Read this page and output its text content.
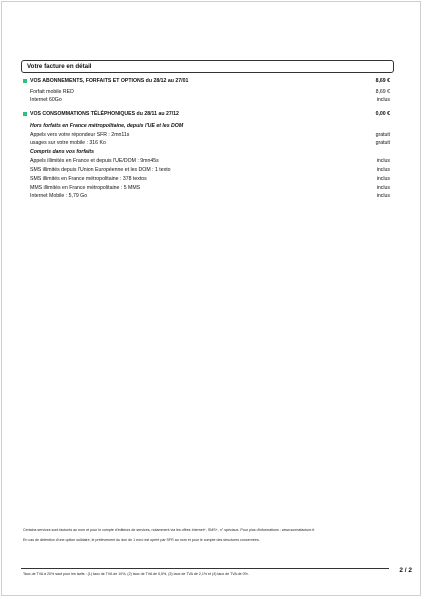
Votre facture en détail
VOS ABONNEMENTS, FORFAITS ET OPTIONS du 28/12 au 27/01	8,69 €
Forfait mobile RED	8,69 €
Internet 60Go	inclus
VOS CONSOMMATIONS TÉLÉPHONIQUES du 28/11 au 27/12	0,00 €
Hors forfaits en France métropolitaine, depuis l'UE et les DOM
Appels vers votre répondeur SFR : 2mn11s	gratuit
usages sur votre mobile : 316 Ko	gratuit
Compris dans vos forfaits
Appels illimités en France et depuis l'UE/DOM : 9mn45s	inclus
SMS illimités depuis l'Union Européenne et les DOM : 1 texto	inclus
SMS illimités en France métropolitaine : 378 textos	inclus
MMS illimités en France métropolitaine : 5 MMS	inclus
Internet Mobile : 5,79 Go	inclus
Certains services sont facturés au nom et pour le compte d'éditeurs de services, notamment via les offres Internet+, SMS+, n° spéciaux. Pour plus d'informations : www.surmafacture.fr
En cas de détention d'une option solidaire, le prélèvement du don de 1 euro est opéré par SFR au nom et pour le compte des structures concernées.
Taux de TVA à 20% sauf pour les tarifs : (1) taux de TVA de 10%, (2) taux de TVA de 5,5%, (3) taux de TVA de 2,1% et (4) taux de TVA de 0%.	2 / 2
